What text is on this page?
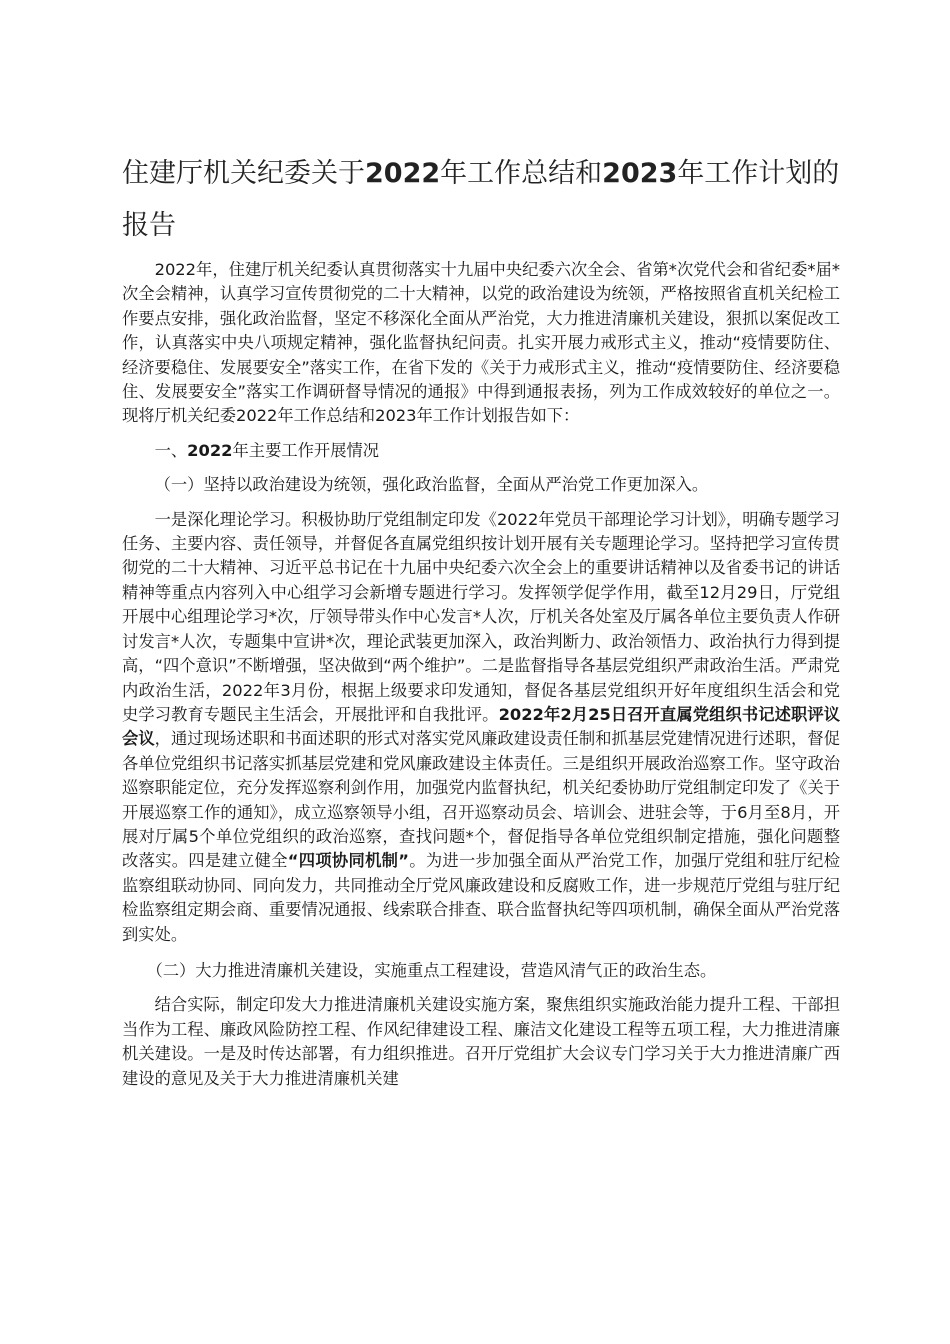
住建厅机关纪委关于2022年工作总结和2023年工作计划的报告

2022年，住建厅机关纪委认真贯彻落实十九届中央纪委六次全会、省第*次党代会和省纪委*届*次全会精神，认真学习宣传贯彻党的二十大精神，以党的政治建设为统领，严格按照省直机关纪检工作要点安排，强化政治监督，坚定不移深化全面从严治党，大力推进清廉机关建设，狠抓以案促改工作，认真落实中央八项规定精神，强化监督执纪问责。扎实开展力戒形式主义，推动“疫情要防住、经济要稳住、发展要安全”落实工作，在省下发的《关于力戒形式主义，推动“疫情要防住、经济要稳住、发展要安全”落实工作调研督导情况的通报》中得到通报表扬，列为工作成效较好的单位之一。现将厅机关纪委2022年工作总结和2023年工作计划报告如下：

一、2022年主要工作开展情况

（一）坚持以政治建设为统领，强化政治监督，全面从严治党工作更加深入。

一是深化理论学习。积极协助厅党组制定印发《2022年党员干部理论学习计划》，明确专题学习任务、主要内容、责任领导，并督促各直属党组织按计划开展有关专题理论学习。坚持把学习宣传贯彻党的二十大精神、习近平总书记在十九届中央纪委六次全会上的重要讲话精神以及省委书记的讲话精神等重点内容列入中心组学习会新增专题进行学习。发挥领学促学作用，截至12月29日，厅党组开展中心组理论学习*次，厅领导带头作中心发言*人次，厅机关各处室及厅属各单位主要负责人作研讨发言*人次，专题集中宣讲*次，理论武装更加深入，政治判断力、政治领悟力、政治执行力得到提高，“四个意识”不断增强，坚决做到“两个维护”。二是监督指导各基层党组织严肃政治生活。严肃党内政治生活，2022年3月份，根据上级要求印发通知，督促各基层党组织开好年度组织生活会和党史学习教育专题民主生活会，开展批评和自我批评。2022年2月25日召开直属党组织书记述职评议会议，通过现场述职和书面述职的形式对落实党风廉政建设责任制和抓基层党建情况进行述职，督促各单位党组织书记落实抓基层党建和党风廉政建设主体责任。三是组织开展政治巡察工作。坚守政治巡察职能定位，充分发挥巡察利剑作用，加强党内监督执纪，机关纪委协助厅党组制定印发了《关于开展巡察工作的通知》，成立巡察领导小组，召开巡察动员会、培训会、进驻会等，于6月至8月，开展对厅属5个单位党组织的政治巡察，查找问题*个，督促指导各单位党组织制定措施，强化问题整改落实。四是建立健全“四项协同机制”。为进一步加强全面从严治党工作，加强厅党组和驻厅纪检监察组联动协同、同向发力，共同推动全厅党风廉政建设和反腐败工作，进一步规范厅党组与驻厅纪检监察组定期会商、重要情况通报、线索联合排查、联合监督执纪等四项机制，确保全面从严治党落到实处。

（二）大力推进清廉机关建设，实施重点工程建设，营造风清气正的政治生态。

结合实际，制定印发大力推进清廉机关建设实施方案，聚焦组织实施政治能力提升工程、干部担当作为工程、廉政风险防控工程、作风纪律建设工程、廉洁文化建设工程等五项工程，大力推进清廉机关建设。一是及时传达部署，有力组织推进。召开厅党组扩大会议专门学习关于大力推进清廉广西建设的意见及关于大力推进清廉机关建
